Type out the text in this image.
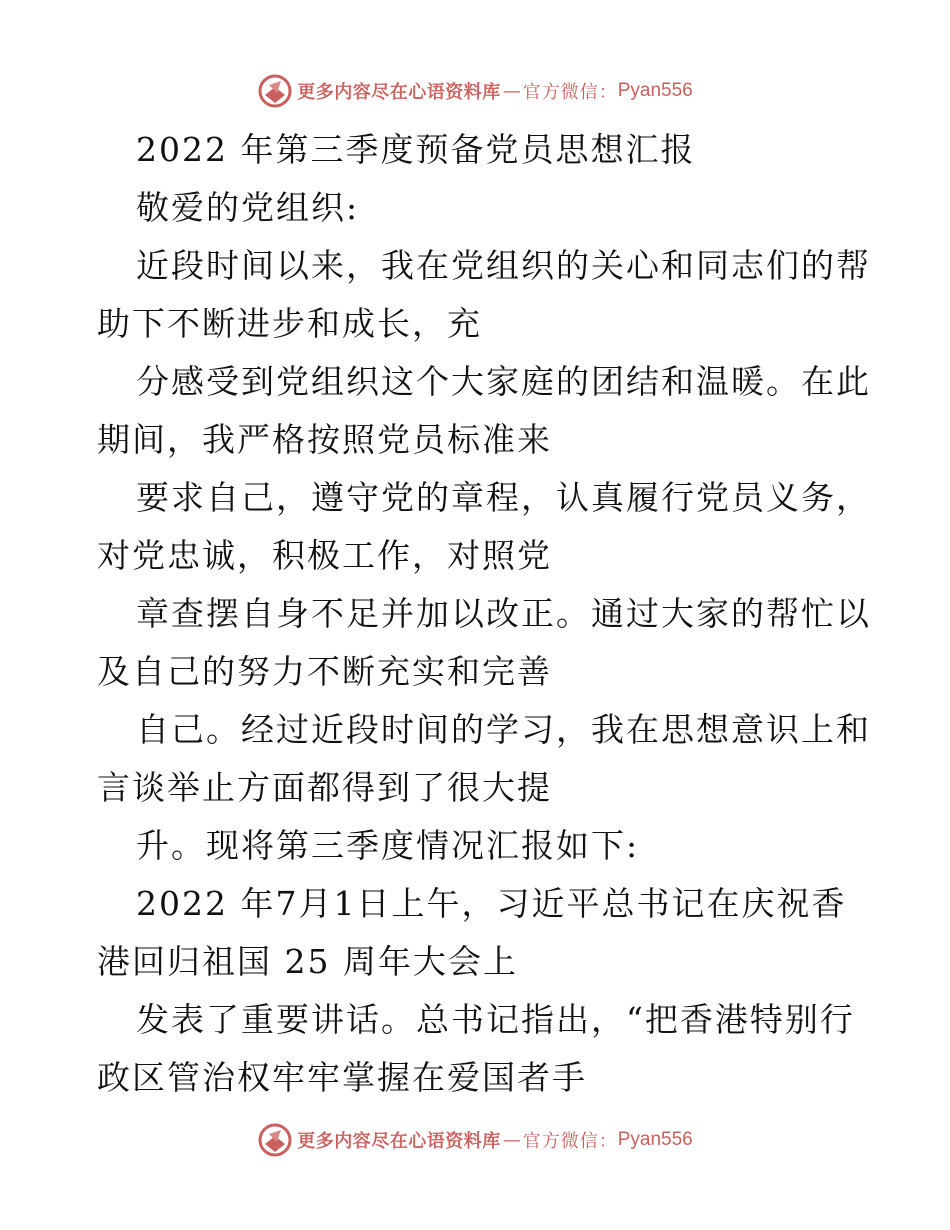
更多内容尽在心语资料库 — 官方微信： Pyan556
2022 年第三季度预备党员思想汇报
敬爱的党组织:
近段时间以来，我在党组织的关心和同志们的帮
助下不断进步和成长，充
分感受到党组织这个大家庭的团结和温暖。在此
期间，我严格按照党员标准来
要求自己，遵守党的章程，认真履行党员义务，
对党忠诚，积极工作，对照党
章查摆自身不足并加以改正。通过大家的帮忙以
及自己的努力不断充实和完善
自己。经过近段时间的学习，我在思想意识上和
言谈举止方面都得到了很大提
升。现将第三季度情况汇报如下:
2022 年7月1日上午，习近平总书记在庆祝香
港回归祖国 25 周年大会上
发表了重要讲话。总书记指出，“把香港特别行
政区管治权牢牢掌握在爱国者手
更多内容尽在心语资料库 — 官方微信： Pyan556
